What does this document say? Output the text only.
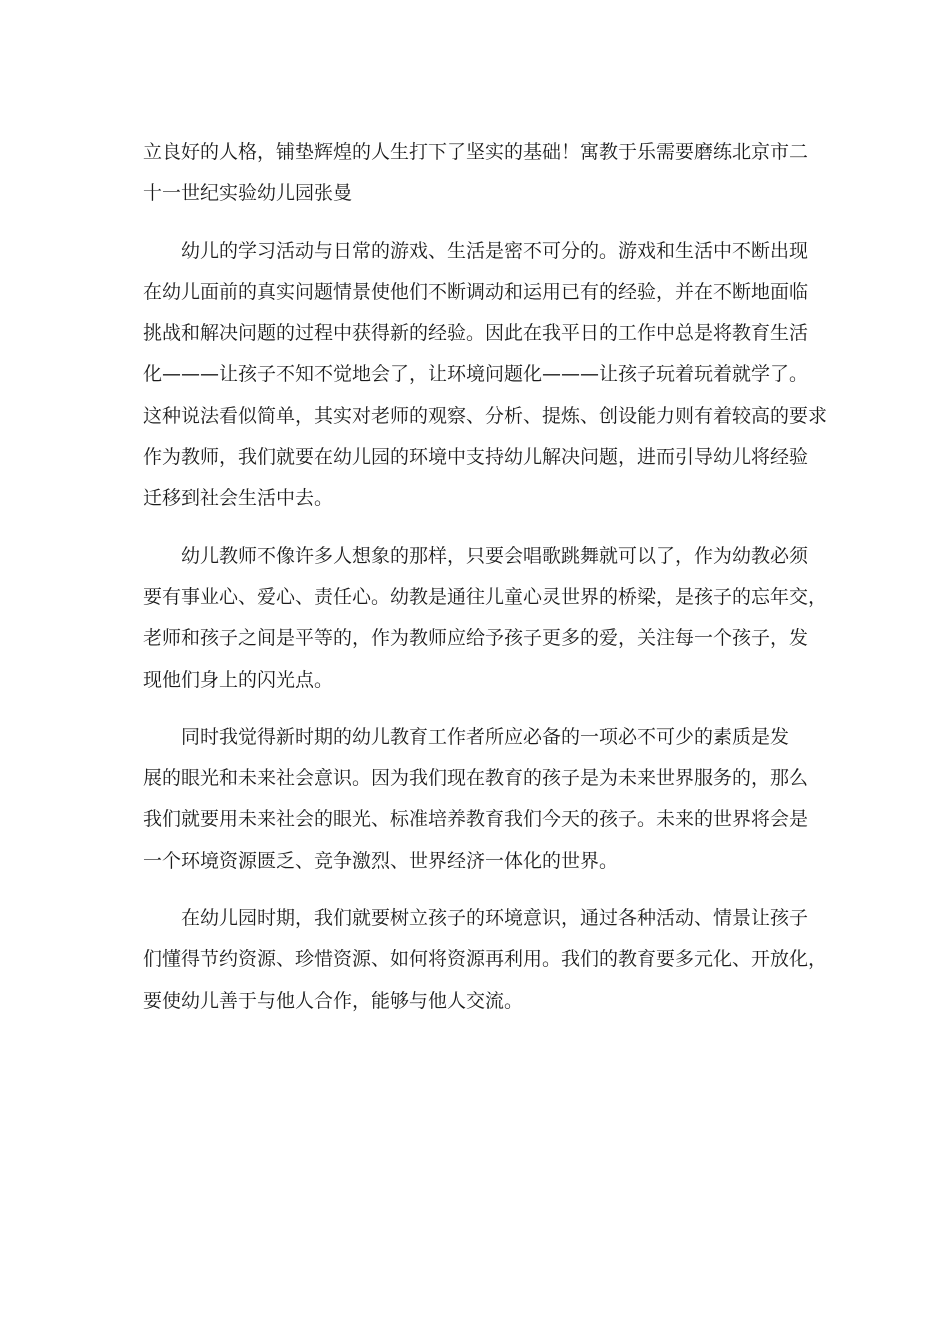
立良好的人格，铺垫辉煌的人生打下了坚实的基础！寓教于乐需要磨练北京市二
十一世纪实验幼儿园张曼
幼儿的学习活动与日常的游戏、生活是密不可分的。游戏和生活中不断出现
在幼儿面前的真实问题情景使他们不断调动和运用已有的经验，并在不断地面临
挑战和解决问题的过程中获得新的经验。因此在我平日的工作中总是将教育生活
化———让孩子不知不觉地会了，让环境问题化———让孩子玩着玩着就学了。
这种说法看似简单，其实对老师的观察、分析、提炼、创设能力则有着较高的要求
作为教师，我们就要在幼儿园的环境中支持幼儿解决问题，进而引导幼儿将经验
迁移到社会生活中去。
幼儿教师不像许多人想象的那样，只要会唱歌跳舞就可以了，作为幼教必须
要有事业心、爱心、责任心。幼教是通往儿童心灵世界的桥梁，是孩子的忘年交，
老师和孩子之间是平等的，作为教师应给予孩子更多的爱，关注每一个孩子，发
现他们身上的闪光点。
同时我觉得新时期的幼儿教育工作者所应必备的一项必不可少的素质是发
展的眼光和未来社会意识。因为我们现在教育的孩子是为未来世界服务的，那么
我们就要用未来社会的眼光、标准培养教育我们今天的孩子。未来的世界将会是
一个环境资源匮乏、竞争激烈、世界经济一体化的世界。
在幼儿园时期，我们就要树立孩子的环境意识，通过各种活动、情景让孩子
们懂得节约资源、珍惜资源、如何将资源再利用。我们的教育要多元化、开放化，
要使幼儿善于与他人合作，能够与他人交流。
